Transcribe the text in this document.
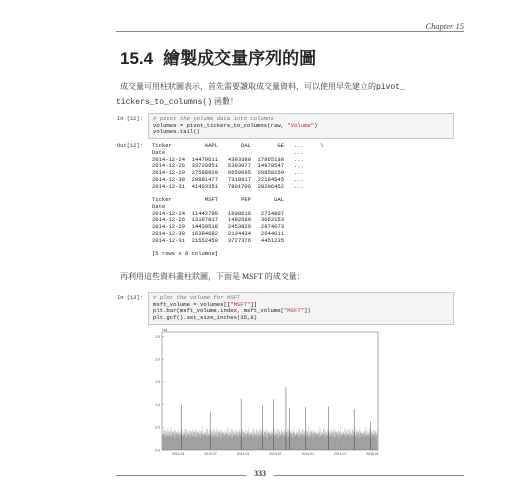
Chapter 15
15.4 繪製成交量序列的圖
成交量可用柱狀圖表示，首先需要讀取成交量資料，可以使用早先建立的pivot_
tickers_to_columns() 函數！
In [12]:	# pivot the volume data into columns
volumes = pivot_tickers_to_columns(raw, "Volume")
volumes.tail()
Out[12]: Ticker          AAPL       DAL        GE   ...     \
Date                                       ...
2014-12-24  14479611   4303380  17865138   ...
2014-12-26  33720951   5303077  14978547   ...
2014-12-29  27598920   6659665  20858159   ...
2014-12-30  29881477   7318917  22184545   ...
2014-12-31  41403351   7801706  28206452   ...

Ticker          MSFT       PEP       UAL
Date
2014-12-24  11442790   1608616   2714807
2014-12-26  13197817   1492689   3062153
2014-12-29  14439518   2453829   2874673
2014-12-30  16384692   2134434   2644611
2014-12-31  21552450   3727376   4451235

[5 rows x 8 columns]
再利用這些資料畫柱狀圖，下面是 MSFT 的成交量：
In [13]:	# plot the volume for MSFT
msft_volume = volumes[["MSFT"]]
plt.bar(msft_volume.index, msft_volume["MSFT"])
plt.gcf().set_size_inches(15,8)
0.0
0.5
1.0
1.5
2.0
2.5
1e8
2012-01	2012-07	2013-01	2013-07	2014-01	2014-07	2015-01
333
